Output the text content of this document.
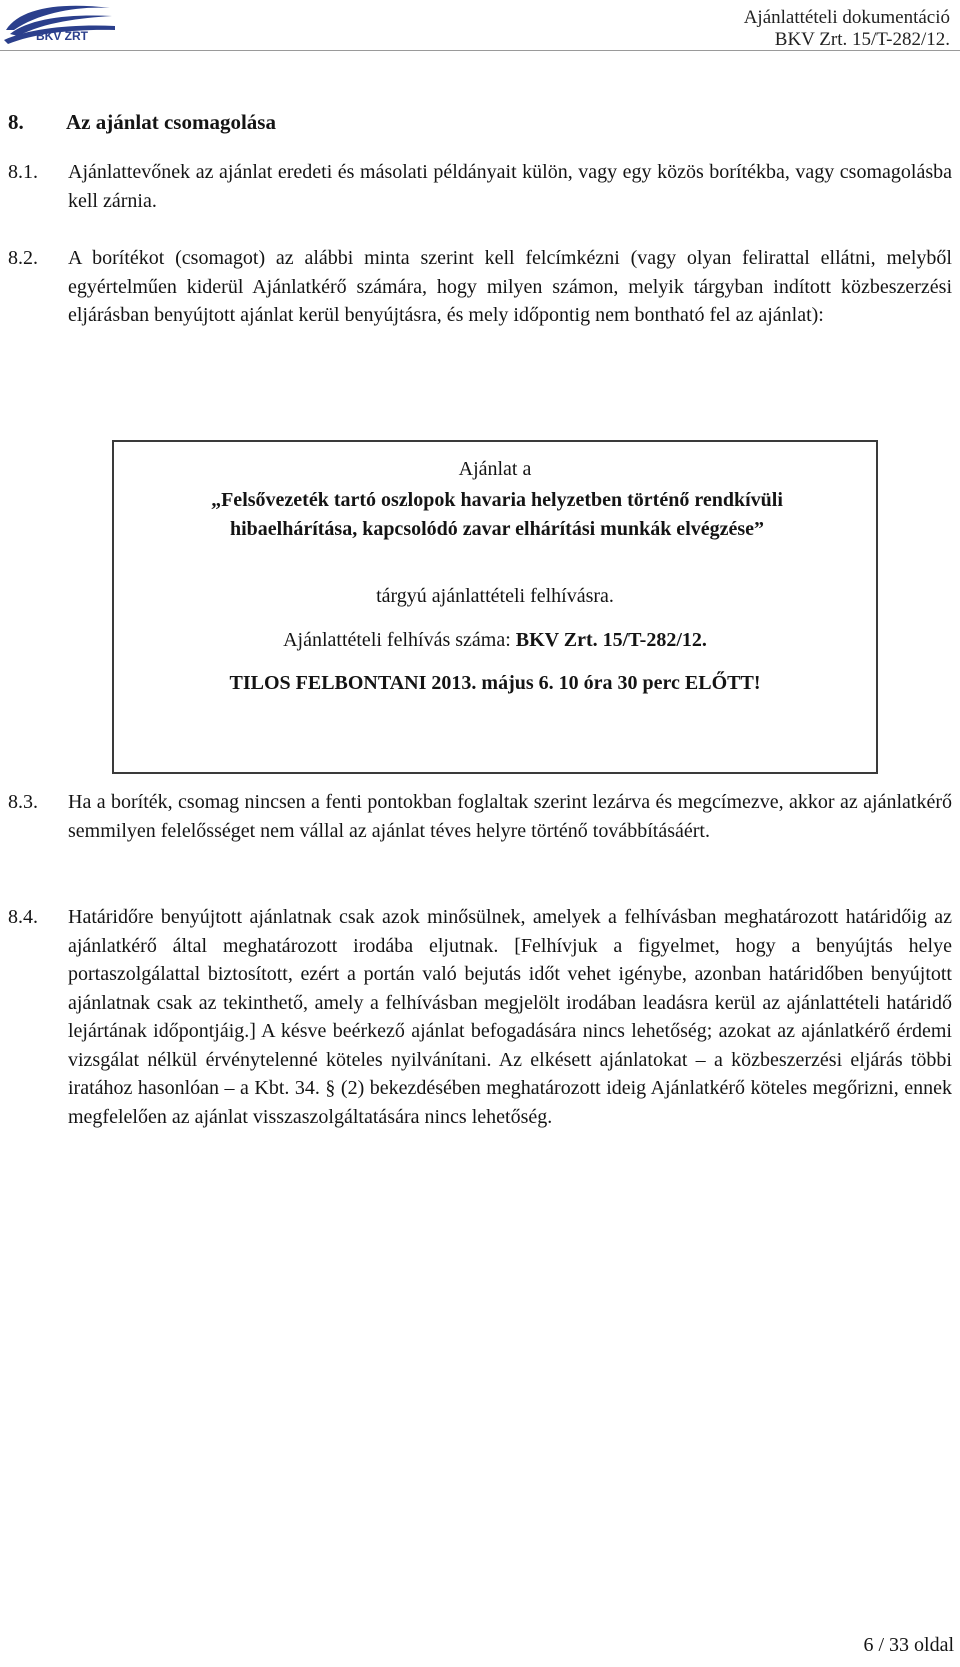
BKV ZRT
Ajánlattételi dokumentáció
BKV Zrt. 15/T-282/12.
8. Az ajánlat csomagolása
8.1. Ajánlattevőnek az ajánlat eredeti és másolati példányait külön, vagy egy közös borítékba, vagy csomagolásba kell zárnia.
8.2. A borítékot (csomagot) az alábbi minta szerint kell felcímkézni (vagy olyan felirattal ellátni, melyből egyértelműen kiderül Ajánlatkérő számára, hogy milyen számon, melyik tárgyban indított közbeszerzési eljárásban benyújtott ajánlat kerül benyújtásra, és mely időpontig nem bontható fel az ajánlat):
Ajánlat a
„Felsővezeték tartó oszlopok havaria helyzetben történő rendkívüli hibaelhárítása, kapcsolódó zavar elhárítási munkák elvégzése”
tárgyú ajánlattételi felhívásra.
Ajánlattételi felhívás száma: BKV Zrt. 15/T-282/12.
TILOS FELBONTANI 2013. május 6. 10 óra 30 perc ELŐTT!
8.3. Ha a boríték, csomag nincsen a fenti pontokban foglaltak szerint lezárva és megcímezve, akkor az ajánlatkérő semmilyen felelősséget nem vállal az ajánlat téves helyre történő továbbításáért.
8.4. Határidőre benyújtott ajánlatnak csak azok minősülnek, amelyek a felhívásban meghatározott határidőig az ajánlatkérő által meghatározott irodába eljutnak. [Felhívjuk a figyelmet, hogy a benyújtás helye portaszolgálattal biztosított, ezért a portán való bejutás időt vehet igénybe, azonban határidőben benyújtott ajánlatnak csak az tekinthető, amely a felhívásban megjelölt irodában leadásra kerül az ajánlattételi határidő lejártának időpontjáig.] A késve beérkező ajánlat befogadására nincs lehetőség; azokat az ajánlatkérő érdemi vizsgálat nélkül érvénytelenné köteles nyilvánítani. Az elkésett ajánlatokat – a közbeszerzési eljárás többi iratához hasonlóan – a Kbt. 34. § (2) bekezdésében meghatározott ideig Ajánlatkérő köteles megőrizni, ennek megfelelően az ajánlat visszaszolgáltatására nincs lehetőség.
6 / 33 oldal
